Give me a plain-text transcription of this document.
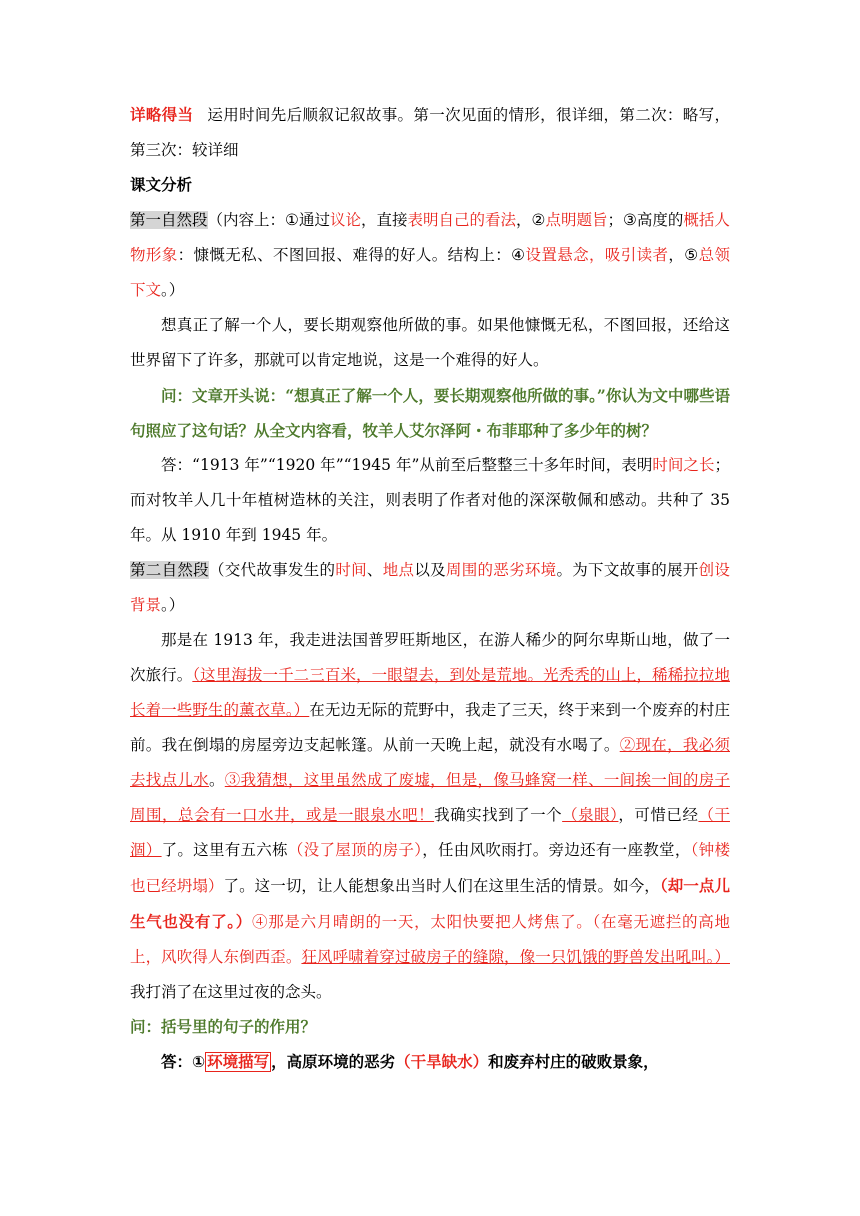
详略得当 运用时间先后顺叙记叙故事。第一次见面的情形，很详细，第二次：略写，第三次：较详细

课文分析

第一自然段（内容上：①通过议论，直接表明自己的看法，②点明题旨；③高度的概括人物形象：慷慨无私、不图回报、难得的好人。结构上：④设置悬念，吸引读者，⑤总领下文。）

想真正了解一个人，要长期观察他所做的事。如果他慷慨无私，不图回报，还给这世界留下了许多，那就可以肯定地说，这是一个难得的好人。

问：文章开头说：“想真正了解一个人，要长期观察他所做的事。”你认为文中哪些语句照应了这句话？从全文内容看，牧羊人艾尔泽阿・布菲耶种了多少年的树？

答：“1913 年”“1920 年”“1945 年”从前至后整整三十多年时间，表明时间之长；而对牧羊人几十年植树造林的关注，则表明了作者对他的深深敬佩和感动。共种了 35 年。从 1910 年到 1945 年。

第二自然段（交代故事发生的时间、地点以及周围的恶劣环境。为下文故事的展开创设背景。）

那是在 1913 年，我走进法国普罗旺斯地区，在游人稀少的阿尔卑斯山地，做了一次旅行。（这里海拔一千二三百米，一眼望去，到处是荒地。光秃秃的山上，稀稀拉拉地长着一些野生的薰衣草。）在无边无际的荒野中，我走了三天，终于来到一个废弃的村庄前。我在倒塌的房屋旁边支起帐篷。从前一天晚上起，就没有水喝了。②现在，我必须去找点儿水。③我猜想，这里虽然成了废墟，但是，像马蜂窝一样、一间挨一间的房子周围，总会有一口水井，或是一眼泉水吧！我确实找到了一个（泉眼），可惜已经（干涸）了。这里有五六栋（没了屋顶的房子），任由风吹雨打。旁边还有一座教堂，（钟楼也已经坍塌）了。这一切，让人能想象出当时人们在这里生活的情景。如今，（却一点儿生气也没有了。）④那是六月晴朗的一天，太阳快要把人烤焦了。（在毫无遮拦的高地上，风吹得人东倒西歪。狂风呼啸着穿过破房子的缝隙，像一只饥饿的野兽发出吼叫。）我打消了在这里过夜的念头。

问：括号里的句子的作用？

答：① 环境描写 ，高原环境的恶劣（干旱缺水）和废弃村庄的破败景象，
